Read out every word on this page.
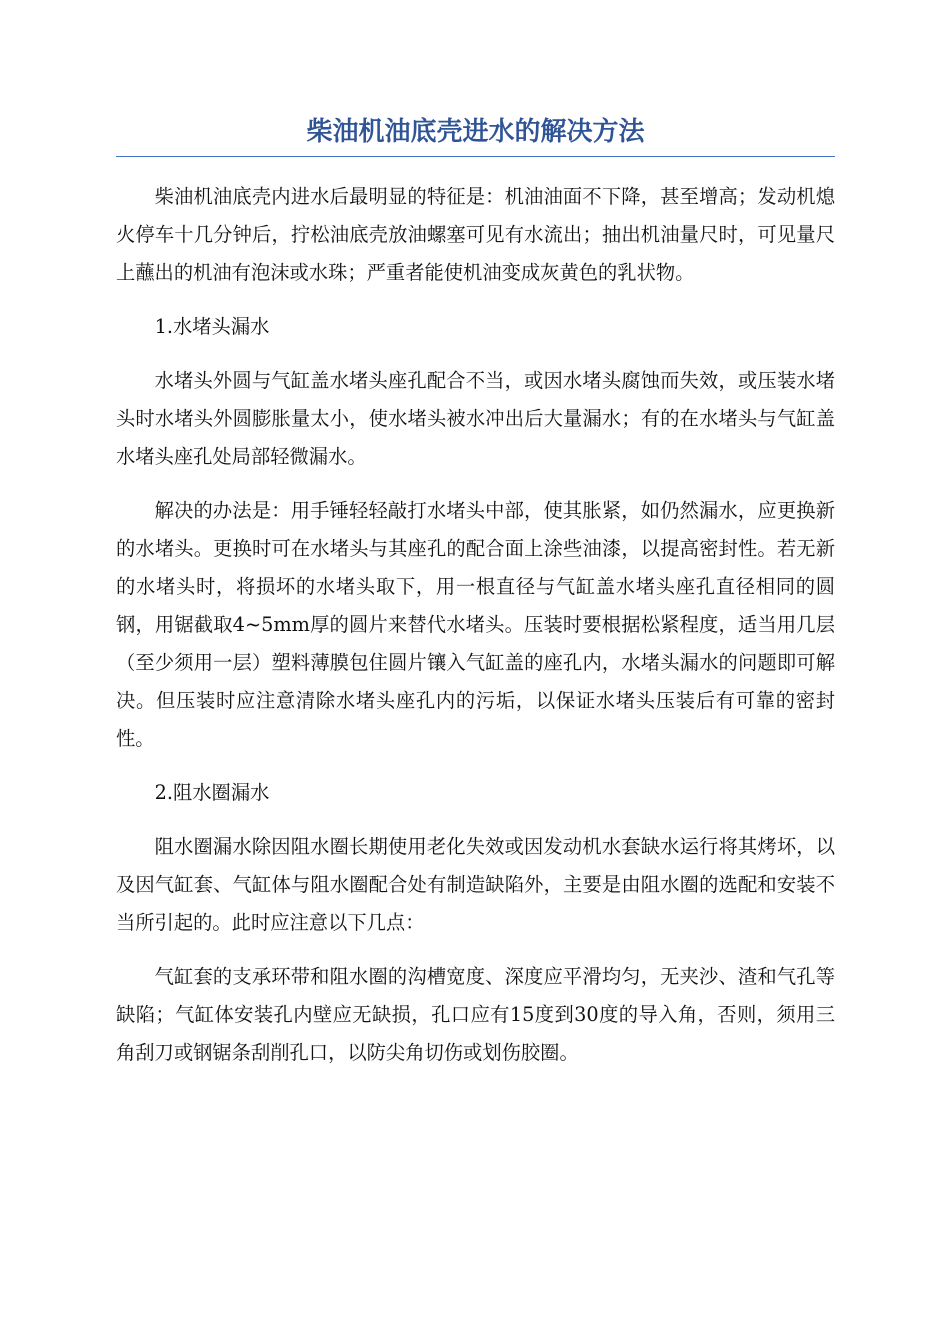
柴油机油底壳进水的解决方法

柴油机油底壳内进水后最明显的特征是：机油油面不下降，甚至增高；发动机熄火停车十几分钟后，拧松油底壳放油螺塞可见有水流出；抽出机油量尺时，可见量尺上蘸出的机油有泡沫或水珠；严重者能使机油变成灰黄色的乳状物。

1.水堵头漏水

水堵头外圆与气缸盖水堵头座孔配合不当，或因水堵头腐蚀而失效，或压装水堵头时水堵头外圆膨胀量太小，使水堵头被水冲出后大量漏水；有的在水堵头与气缸盖水堵头座孔处局部轻微漏水。

解决的办法是：用手锤轻轻敲打水堵头中部，使其胀紧，如仍然漏水，应更换新的水堵头。更换时可在水堵头与其座孔的配合面上涂些油漆，以提高密封性。若无新的水堵头时，将损坏的水堵头取下，用一根直径与气缸盖水堵头座孔直径相同的圆钢，用锯截取4~5mm厚的圆片来替代水堵头。压装时要根据松紧程度，适当用几层（至少须用一层）塑料薄膜包住圆片镶入气缸盖的座孔内，水堵头漏水的问题即可解决。但压装时应注意清除水堵头座孔内的污垢，以保证水堵头压装后有可靠的密封性。

2.阻水圈漏水

阻水圈漏水除因阻水圈长期使用老化失效或因发动机水套缺水运行将其烤坏，以及因气缸套、气缸体与阻水圈配合处有制造缺陷外，主要是由阻水圈的选配和安装不当所引起的。此时应注意以下几点：

气缸套的支承环带和阻水圈的沟槽宽度、深度应平滑均匀，无夹沙、渣和气孔等缺陷；气缸体安装孔内壁应无缺损，孔口应有15度到30度的导入角，否则，须用三角刮刀或钢锯条刮削孔口，以防尖角切伤或划伤胶圈。
